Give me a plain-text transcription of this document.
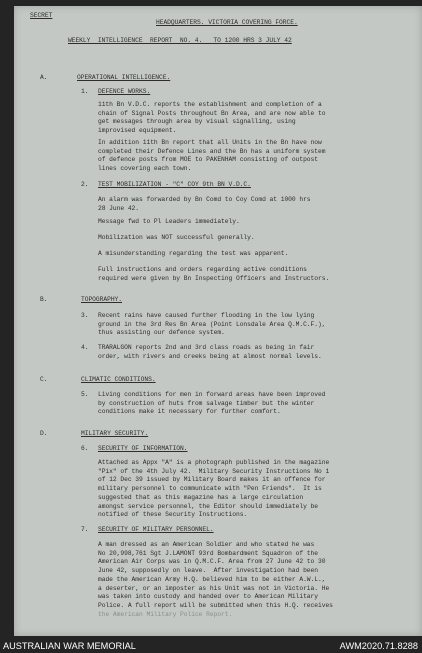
SECRET
HEADQUARTERS. VICTORIA COVERING FORCE.
WEEKLY  INTELLIGENCE  REPORT  NO. 4.   TO 1200 HRS 3 JULY 42
A.	OPERATIONAL INTELLIGENCE.
1. DEFENCE WORKS.
11th Bn V.D.C. reports the establishment and completion of a
chain of Signal Posts throughout Bn Area, and are now able to
get messages through area by visual signalling, using
improvised equipment.
In addition 11th Bn report that all Units in the Bn have now
completed their Defence Lines and the Bn has a uniform system
of defence posts from MOE to PAKENHAM consisting of outpost
lines covering each town.
2. TEST MOBILIZATION - "C" COY 9th BN V.D.C.
An alarm was forwarded by Bn Comd to Coy Comd at 1000 hrs
28 June 42.
Message fwd to Pl Leaders immediately.
Mobilization was NOT successful generally.
A misunderstanding regarding the test was apparent.
Full instructions and orders regarding active conditions
required were given by Bn Inspecting Officers and Instructors.
B.	TOPOGRAPHY.
3. Recent rains have caused further flooding in the low lying
ground in the 3rd Res Bn Area (Point Lonsdale Area Q.M.C.F.),
thus assisting our defence system.
4. TRARALGON reports 2nd and 3rd class roads as being in fair
order, with rivers and creeks being at almost normal levels.
C.	CLIMATIC CONDITIONS.
5. Living conditions for men in forward areas have been improved
by construction of huts from salvage timber but the winter
conditions make it necessary for further comfort.
D.	MILITARY SECURITY.
6. SECURITY OF INFORMATION.
Attached as Appx "A" is a photograph published in the magazine
"Pix" of the 4th July 42.  Military Security Instructions No 1
of 12 Dec 39 issued by Military Board makes it an offence for
military personnel to communicate with "Pen Friends".  It is
suggested that as this magazine has a large circulation
amongst service personnel, the Editor should immediately be
notified of these Security Instructions.
7. SECURITY OF MILITARY PERSONNEL.
A man dressed as an American Soldier and who stated he was
No 20,998,761 Sgt J.LAMONT 93rd Bombardment Squadron of the
American Air Corps was in Q.M.C.F. Area from 27 June 42 to 30
June 42, supposedly on leave.  After investigation had been
made the American Army H.Q. believed him to be either A.W.L.,
a deserter, or an imposter as his Unit was not in Victoria. He
was taken into custody and handed over to American Military
Police. A full report will be submitted when this H.Q. receives
the American Military Police Report.
AUSTRALIAN WAR MEMORIAL	AWM2020.71.8288
